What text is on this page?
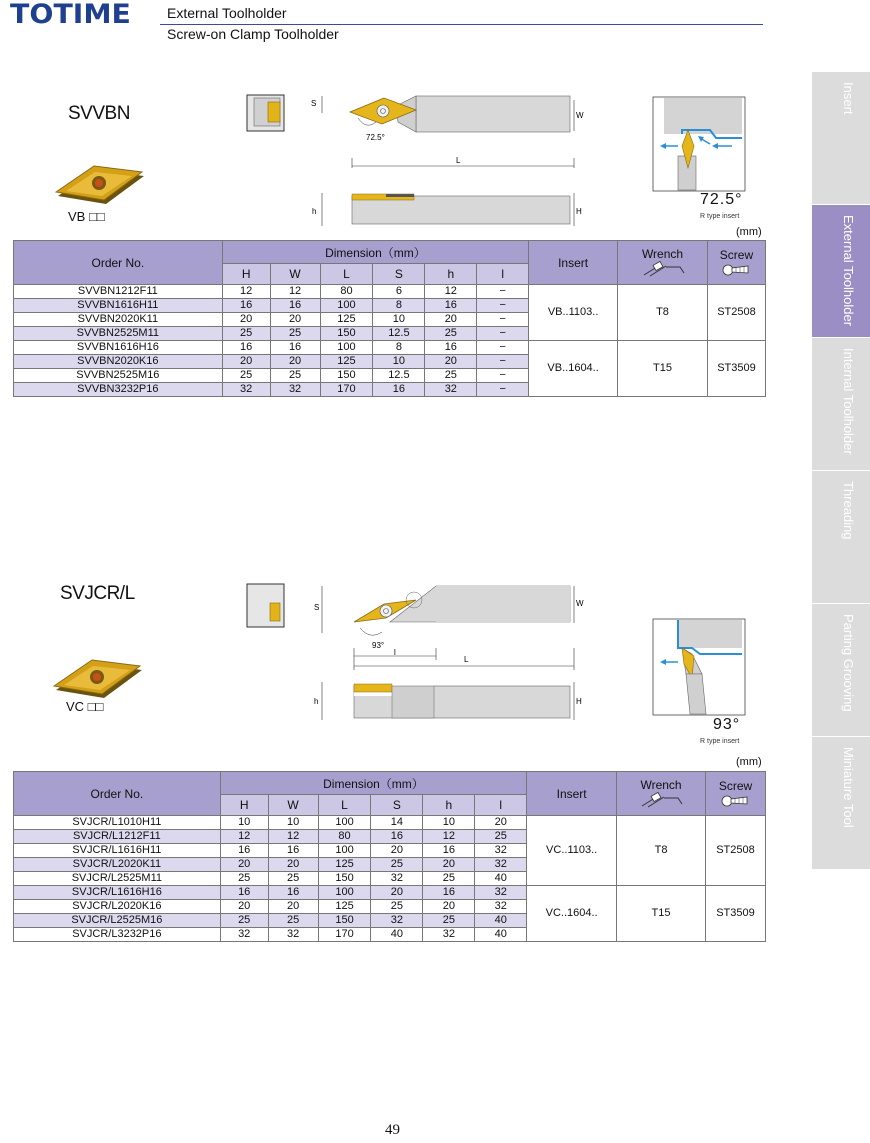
TOTIME	External Toolholder
Screw-on Clamp Toolholder
Insert
External Toolholder
Internal Toolholder
Threading
Parting Grooving
Miniature Tool
SVVBN
VB □□
S
W
L
h	H
72.5°
72.5°
R type insert
(mm)
Order No.	Dimension（mm）						Insert	Wrench	Screw

	H	W	L	S	h	l			
SVVBN1212F11	12	12	80	6	12	−	VB..1103..	T8	ST2508
SVVBN1616H11	16	16	100	8	16	−			
SVVBN2020K11	20	20	125	10	20	−			
SVVBN2525M11	25	25	150	12.5	25	−			
SVVBN1616H16	16	16	100	8	16	−	VB..1604..	T15	ST3509
SVVBN2020K16	20	20	125	10	20	−			
SVVBN2525M16	25	25	150	12.5	25	−			
SVVBN3232P16	32	32	170	16	32	−			
SVJCR/L
VC □□
S	W
93°
l
L
h	H
93°
R type insert
(mm)
Order No.	Dimension（mm）						Insert	Wrench	Screw

	H	W	L	S	h	l			
SVJCR/L1010H11	10	10	100	14	10	20	VC..1103..	T8	ST2508
SVJCR/L1212F11	12	12	80	16	12	25			
SVJCR/L1616H11	16	16	100	20	16	32			
SVJCR/L2020K11	20	20	125	25	20	32			
SVJCR/L2525M11	25	25	150	32	25	40			
SVJCR/L1616H16	16	16	100	20	16	32	VC..1604..	T15	ST3509
SVJCR/L2020K16	20	20	125	25	20	32			
SVJCR/L2525M16	25	25	150	32	25	40			
SVJCR/L3232P16	32	32	170	40	32	40			
49
